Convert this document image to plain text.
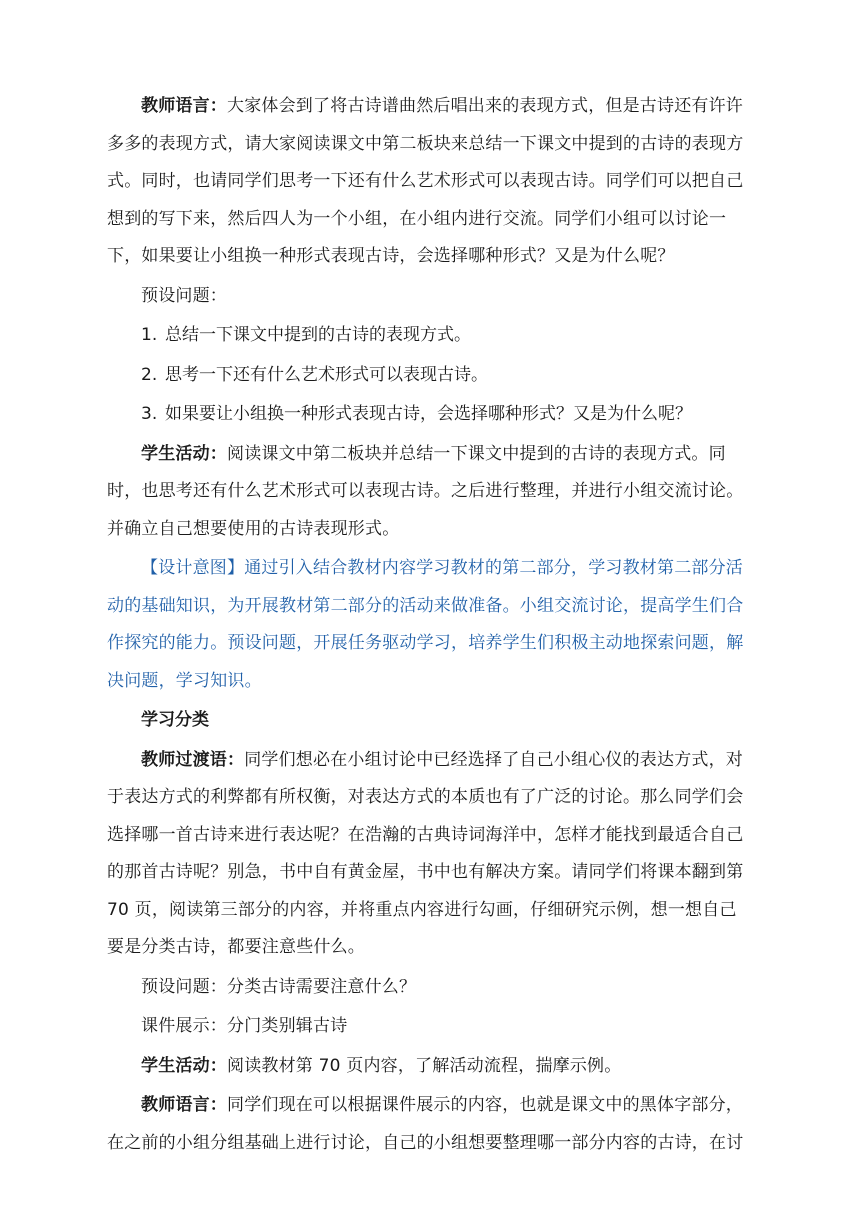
教师语言：大家体会到了将古诗谱曲然后唱出来的表现方式，但是古诗还有许许多多的表现方式，请大家阅读课文中第二板块来总结一下课文中提到的古诗的表现方式。同时，也请同学们思考一下还有什么艺术形式可以表现古诗。同学们可以把自己想到的写下来，然后四人为一个小组，在小组内进行交流。同学们小组可以讨论一下，如果要让小组换一种形式表现古诗，会选择哪种形式？又是为什么呢？

预设问题：

1. 总结一下课文中提到的古诗的表现方式。

2. 思考一下还有什么艺术形式可以表现古诗。

3. 如果要让小组换一种形式表现古诗，会选择哪种形式？又是为什么呢？

学生活动：阅读课文中第二板块并总结一下课文中提到的古诗的表现方式。同时，也思考还有什么艺术形式可以表现古诗。之后进行整理，并进行小组交流讨论。并确立自己想要使用的古诗表现形式。

【设计意图】通过引入结合教材内容学习教材的第二部分，学习教材第二部分活动的基础知识，为开展教材第二部分的活动来做准备。小组交流讨论，提高学生们合作探究的能力。预设问题，开展任务驱动学习，培养学生们积极主动地探索问题，解决问题，学习知识。

学习分类

教师过渡语：同学们想必在小组讨论中已经选择了自己小组心仪的表达方式，对于表达方式的利弊都有所权衡，对表达方式的本质也有了广泛的讨论。那么同学们会选择哪一首古诗来进行表达呢？在浩瀚的古典诗词海洋中，怎样才能找到最适合自己的那首古诗呢？别急，书中自有黄金屋，书中也有解决方案。请同学们将课本翻到第 70 页，阅读第三部分的内容，并将重点内容进行勾画，仔细研究示例，想一想自己要是分类古诗，都要注意些什么。

预设问题：分类古诗需要注意什么？

课件展示：分门类别辑古诗

学生活动：阅读教材第 70 页内容，了解活动流程，揣摩示例。

教师语言：同学们现在可以根据课件展示的内容，也就是课文中的黑体字部分，在之前的小组分组基础上进行讨论，自己的小组想要整理哪一部分内容的古诗，在讨
